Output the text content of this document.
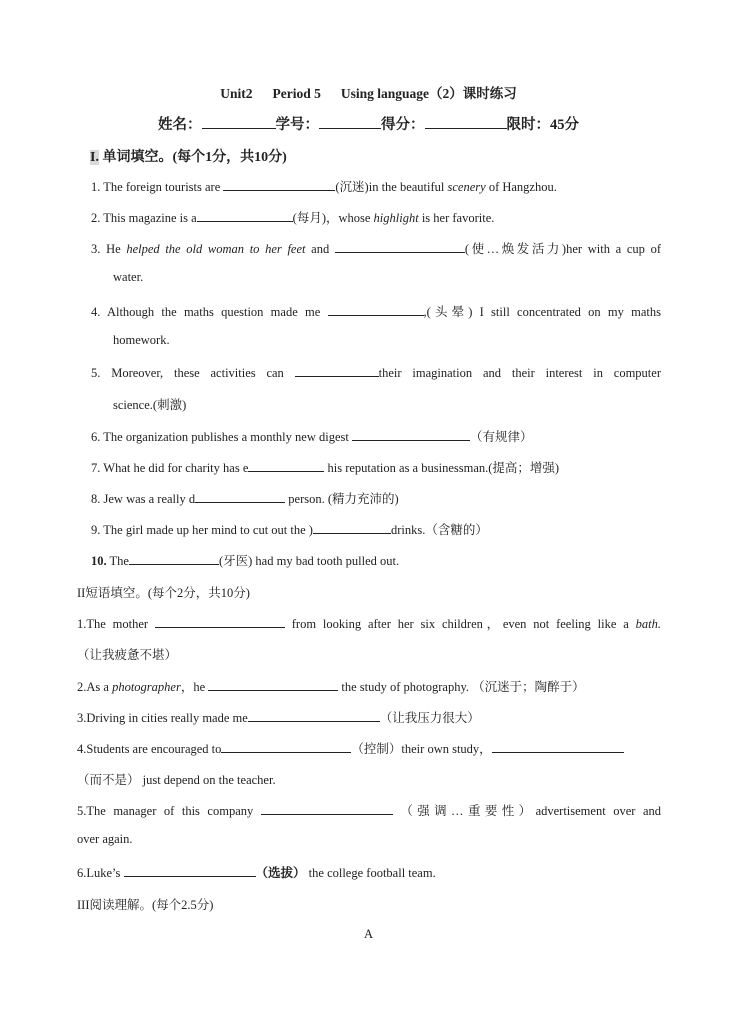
Unit2 Period 5 Using language（2）课时练习
姓名：	学号：	得分：	限时：45分
I. 单词填空。(每个1分，共10分)
1. The foreign tourists are	(沉迷)in the beautiful scenery of Hangzhou.
2. This magazine is a	(每月)，whose highlight is her favorite.
3. He helped the old woman to her feet and	(使…焕发活力)her with a cup of
water.
4. Although the maths question made me	,(头晕) I still concentrated on my maths
homework.
5. Moreover, these activities can	their imagination and their interest in computer
science.(刺激)
6. The organization publishes a monthly new digest	（有规律）
7. What he did for charity has e	his reputation as a businessman.(提高；增强)
8. Jew was a really d	person. (精力充沛的)
9. The girl made up her mind to cut out the )	drinks.（含糖的）
10. The	(牙医) had my bad tooth pulled out.
II短语填空。(每个2分，共10分)
1.The mother	from looking after her six children，even not feeling like a bath.
（让我疲惫不堪）
2.As a photographer，he	the study of photography. （沉迷于；陶醉于）
3.Driving in cities really made me	（让我压力很大）
4.Students are encouraged to	（控制）their own study，
（而不是） just depend on the teacher.
5.The manager of this company	（强调…重要性）advertisement over and
over again.
6.Luke’s	（选拔） the college football team.
III阅读理解。(每个2.5分)
A
